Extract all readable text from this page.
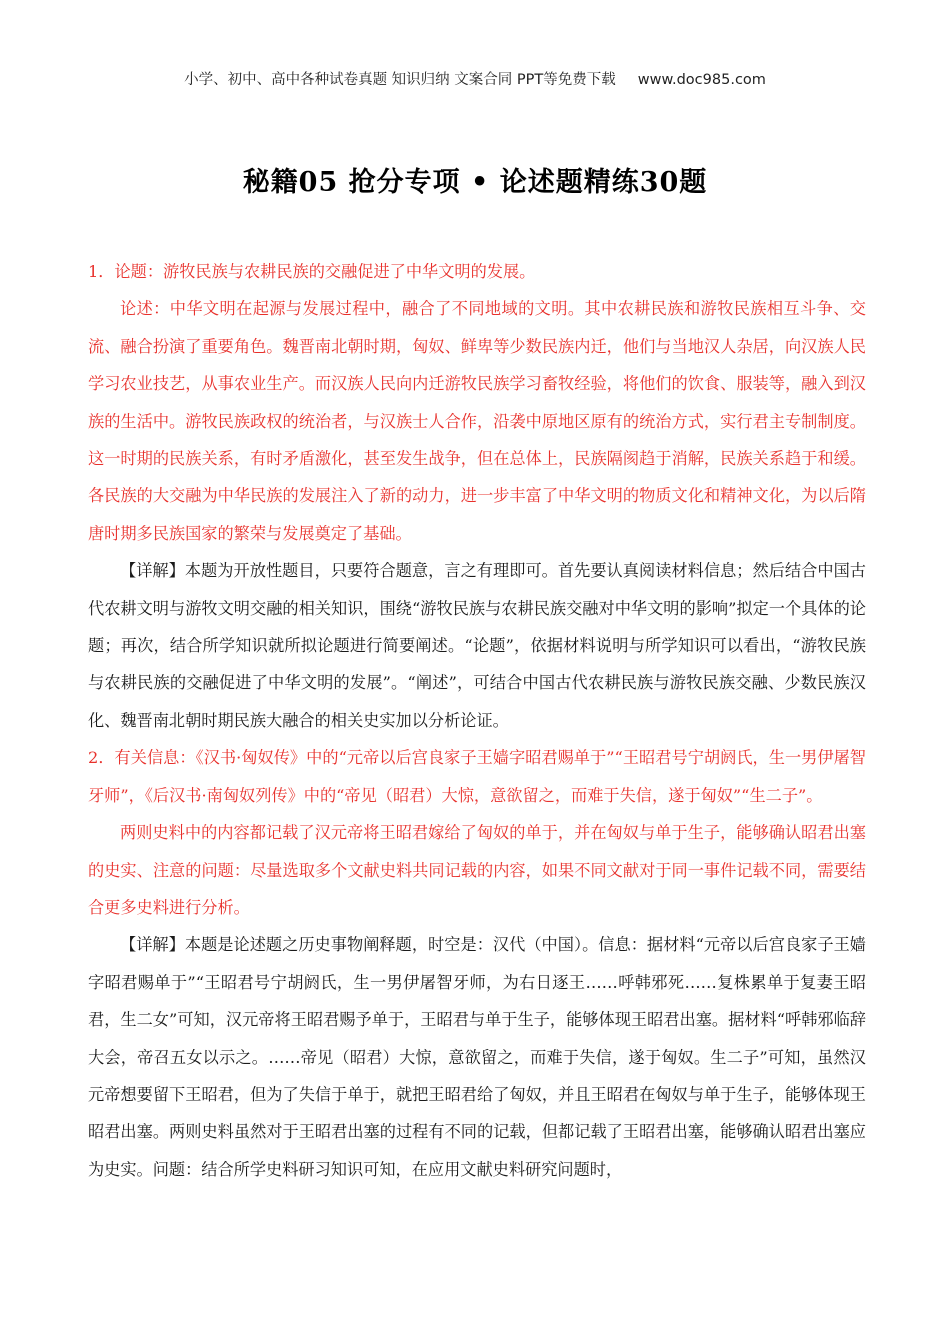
小学、初中、高中各种试卷真题 知识归纳 文案合同 PPT等免费下载 www.doc985.com
秘籍05 抢分专项 • 论述题精练30题

1．论题：游牧民族与农耕民族的交融促进了中华文明的发展。

论述：中华文明在起源与发展过程中，融合了不同地域的文明。其中农耕民族和游牧民族相互斗争、交流、融合扮演了重要角色。魏晋南北朝时期，匈奴、鲜卑等少数民族内迁，他们与当地汉人杂居，向汉族人民学习农业技艺，从事农业生产。而汉族人民向内迁游牧民族学习畜牧经验，将他们的饮食、服装等，融入到汉族的生活中。游牧民族政权的统治者，与汉族士人合作，沿袭中原地区原有的统治方式，实行君主专制制度。这一时期的民族关系，有时矛盾激化，甚至发生战争，但在总体上，民族隔阂趋于消解，民族关系趋于和缓。各民族的大交融为中华民族的发展注入了新的动力，进一步丰富了中华文明的物质文化和精神文化，为以后隋唐时期多民族国家的繁荣与发展奠定了基础。

【详解】本题为开放性题目，只要符合题意，言之有理即可。首先要认真阅读材料信息；然后结合中国古代农耕文明与游牧文明交融的相关知识，围绕“游牧民族与农耕民族交融对中华文明的影响”拟定一个具体的论题；再次，结合所学知识就所拟论题进行简要阐述。“论题”，依据材料说明与所学知识可以看出，“游牧民族与农耕民族的交融促进了中华文明的发展”。“阐述”，可结合中国古代农耕民族与游牧民族交融、少数民族汉化、魏晋南北朝时期民族大融合的相关史实加以分析论证。

2．有关信息：《汉书·匈奴传》中的“元帝以后宫良家子王嫱字昭君赐单于”“王昭君号宁胡阏氏，生一男伊屠智牙师”，《后汉书·南匈奴列传》中的“帝见（昭君）大惊，意欲留之，而难于失信，遂于匈奴”“生二子”。

两则史料中的内容都记载了汉元帝将王昭君嫁给了匈奴的单于，并在匈奴与单于生子，能够确认昭君出塞的史实、注意的问题：尽量选取多个文献史料共同记载的内容，如果不同文献对于同一事件记载不同，需要结合更多史料进行分析。

【详解】本题是论述题之历史事物阐释题，时空是：汉代（中国）。信息：据材料“元帝以后宫良家子王嫱字昭君赐单于”“王昭君号宁胡阏氏，生一男伊屠智牙师，为右日逐王……呼韩邪死……复株累单于复妻王昭君，生二女”可知，汉元帝将王昭君赐予单于，王昭君与单于生子，能够体现王昭君出塞。据材料“呼韩邪临辞大会，帝召五女以示之。……帝见（昭君）大惊，意欲留之，而难于失信，遂于匈奴。生二子”可知，虽然汉元帝想要留下王昭君，但为了失信于单于，就把王昭君给了匈奴，并且王昭君在匈奴与单于生子，能够体现王昭君出塞。两则史料虽然对于王昭君出塞的过程有不同的记载，但都记载了王昭君出塞，能够确认昭君出塞应为史实。问题：结合所学史料研习知识可知，在应用文献史料研究问题时，
